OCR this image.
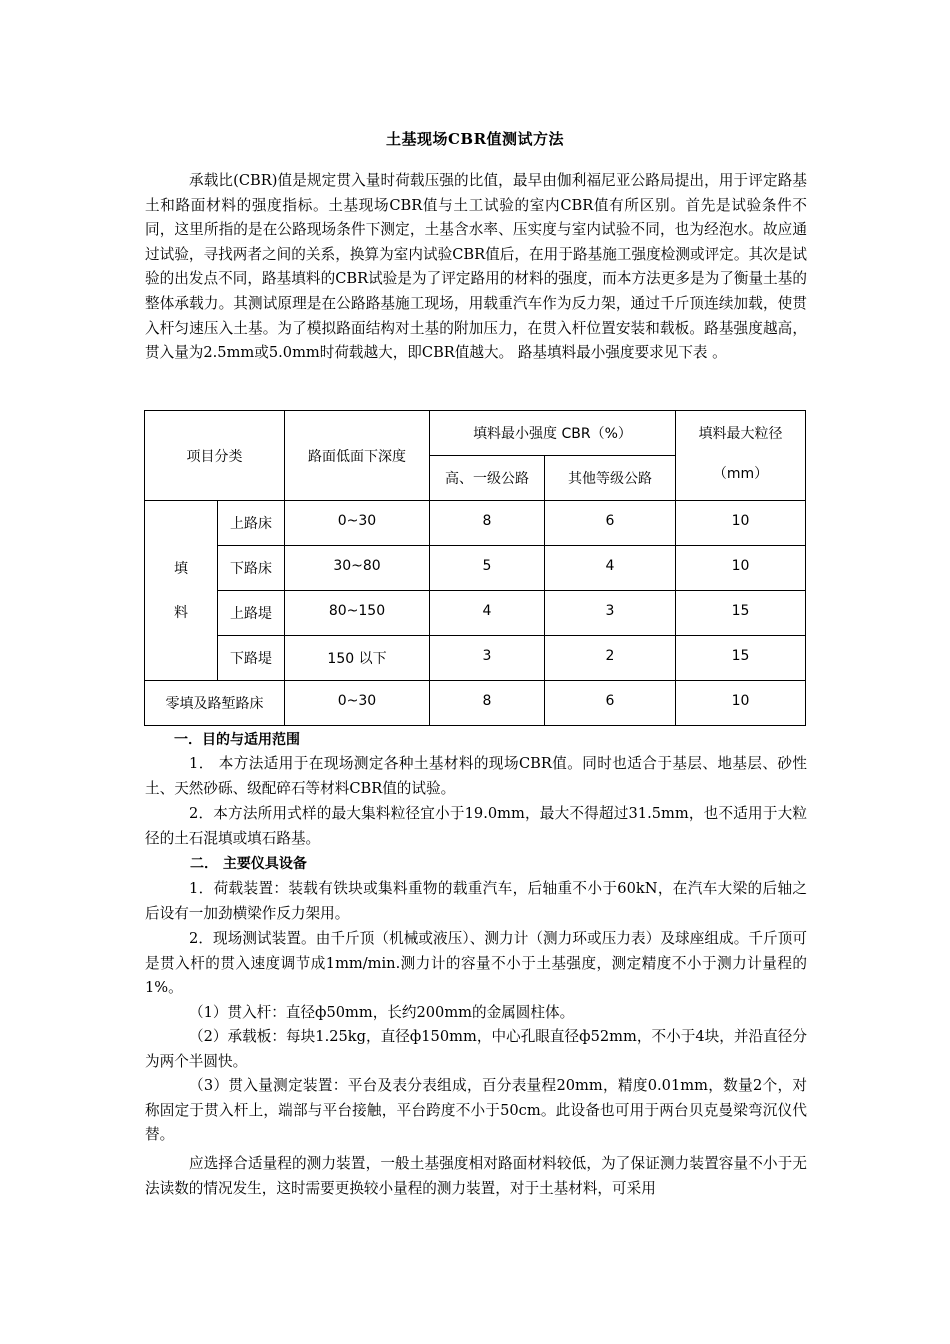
土基现场CBR值测试方法

承载比(CBR)值是规定贯入量时荷载压强的比值，最早由伽利福尼亚公路局提出，用于评定路基土和路面材料的强度指标。土基现场CBR值与土工试验的室内CBR值有所区别。首先是试验条件不同，这里所指的是在公路现场条件下测定，土基含水率、压实度与室内试验不同，也为经泡水。故应通过试验，寻找两者之间的关系，换算为室内试验CBR值后，在用于路基施工强度检测或评定。其次是试验的出发点不同，路基填料的CBR试验是为了评定路用的材料的强度，而本方法更多是为了衡量土基的整体承载力。其测试原理是在公路路基施工现场，用载重汽车作为反力架，通过千斤顶连续加载，使贯入杆匀速压入土基。为了模拟路面结构对土基的附加压力，在贯入杆位置安装和载板。路基强度越高，贯入量为2.5mm或5.0mm时荷载越大，即CBR值越大。 路基填料最小强度要求见下表 。

项目分类		路面低面下深度	填料最小强度 CBR（%）		填料最大粒径
（mm）

			高、一级公路	其他等级公路	

填
料	上路床	0~30	8	6	10
	下路床	30~80	5	4	10
	上路堤	80~150	4	3	15
	下路堤	150 以下	3	2	15
零填及路堑路床		0~30	8	6	10

一．目的与适用范围

1． 本方法适用于在现场测定各种土基材料的现场CBR值。同时也适合于基层、地基层、砂性土、天然砂砾、级配碎石等材料CBR值的试验。

2．本方法所用式样的最大集料粒径宜小于19.0mm，最大不得超过31.5mm，也不适用于大粒径的土石混填或填石路基。

二． 主要仪具设备

1．荷载装置：装载有铁块或集料重物的载重汽车，后轴重不小于60kN，在汽车大梁的后轴之后设有一加劲横梁作反力架用。

2．现场测试装置。由千斤顶（机械或液压）、测力计（测力环或压力表）及球座组成。千斤顶可是贯入杆的贯入速度调节成1mm/min.测力计的容量不小于土基强度，测定精度不小于测力计量程的1%。

（1）贯入杆：直径ф50mm，长约200mm的金属圆柱体。

（2）承载板：每块1.25kg，直径ф150mm，中心孔眼直径ф52mm，不小于4块，并沿直径分为两个半圆快。

（3）贯入量测定装置：平台及表分表组成，百分表量程20mm，精度0.01mm，数量2个，对称固定于贯入杆上，端部与平台接触，平台跨度不小于50cm。此设备也可用于两台贝克曼梁弯沉仪代替。

应选择合适量程的测力装置，一般土基强度相对路面材料较低，为了保证测力装置容量不小于无法读数的情况发生，这时需要更换较小量程的测力装置，对于土基材料，可采用
